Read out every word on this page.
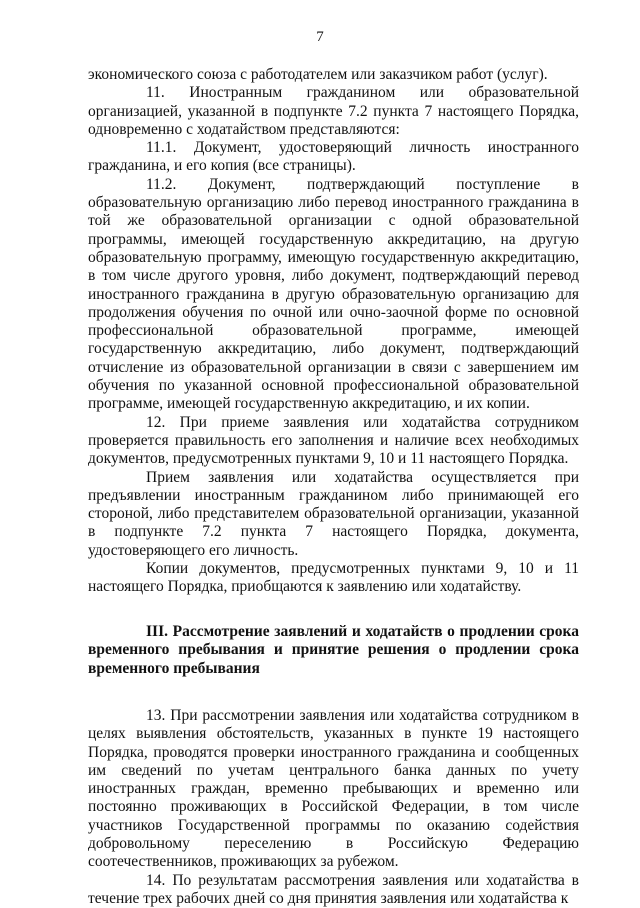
7

экономического союза с работодателем или заказчиком работ (услуг).

11. Иностранным гражданином или образовательной организацией, указанной в подпункте 7.2 пункта 7 настоящего Порядка, одновременно с ходатайством представляются:

11.1. Документ, удостоверяющий личность иностранного гражданина, и его копия (все страницы).

11.2. Документ, подтверждающий поступление в образовательную организацию либо перевод иностранного гражданина в той же образовательной организации с одной образовательной программы, имеющей государственную аккредитацию, на другую образовательную программу, имеющую государственную аккредитацию, в том числе другого уровня, либо документ, подтверждающий перевод иностранного гражданина в другую образовательную организацию для продолжения обучения по очной или очно-заочной форме по основной профессиональной образовательной программе, имеющей государственную аккредитацию, либо документ, подтверждающий отчисление из образовательной организации в связи с завершением им обучения по указанной основной профессиональной образовательной программе, имеющей государственную аккредитацию, и их копии.

12. При приеме заявления или ходатайства сотрудником проверяется правильность его заполнения и наличие всех необходимых документов, предусмотренных пунктами 9, 10 и 11 настоящего Порядка.

Прием заявления или ходатайства осуществляется при предъявлении иностранным гражданином либо принимающей его стороной, либо представителем образовательной организации, указанной в подпункте 7.2 пункта 7 настоящего Порядка, документа, удостоверяющего его личность.

Копии документов, предусмотренных пунктами 9, 10 и 11 настоящего Порядка, приобщаются к заявлению или ходатайству.

III. Рассмотрение заявлений и ходатайств о продлении срока временного пребывания и принятие решения о продлении срока временного пребывания

13. При рассмотрении заявления или ходатайства сотрудником в целях выявления обстоятельств, указанных в пункте 19 настоящего Порядка, проводятся проверки иностранного гражданина и сообщенных им сведений по учетам центрального банка данных по учету иностранных граждан, временно пребывающих и временно или постоянно проживающих в Российской Федерации, в том числе участников Государственной программы по оказанию содействия добровольному переселению в Российскую Федерацию соотечественников, проживающих за рубежом.

14. По результатам рассмотрения заявления или ходатайства в течение трех рабочих дней со дня принятия заявления или ходатайства к
